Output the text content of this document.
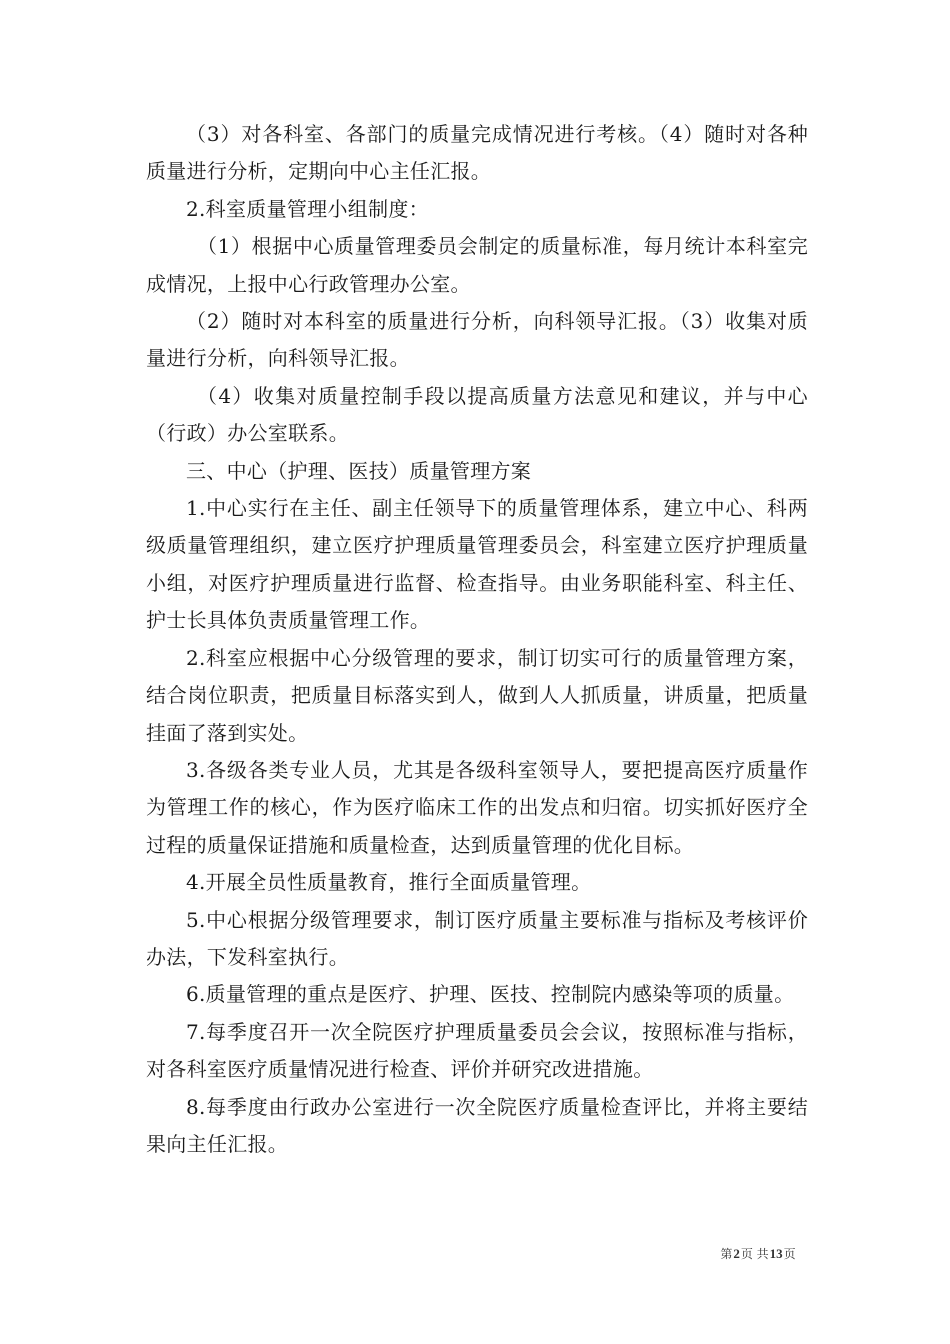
（3）对各科室、各部门的质量完成情况进行考核。（4）随时对各种质量进行分析，定期向中心主任汇报。

2.科室质量管理小组制度：

（1）根据中心质量管理委员会制定的质量标准，每月统计本科室完成情况，上报中心行政管理办公室。

（2）随时对本科室的质量进行分析，向科领导汇报。（3）收集对质量进行分析，向科领导汇报。

（4）收集对质量控制手段以提高质量方法意见和建议，并与中心（行政）办公室联系。

三、中心（护理、医技）质量管理方案

1.中心实行在主任、副主任领导下的质量管理体系，建立中心、科两级质量管理组织，建立医疗护理质量管理委员会，科室建立医疗护理质量小组，对医疗护理质量进行监督、检查指导。由业务职能科室、科主任、护士长具体负责质量管理工作。

2.科室应根据中心分级管理的要求，制订切实可行的质量管理方案，结合岗位职责，把质量目标落实到人，做到人人抓质量，讲质量，把质量挂面了落到实处。

3.各级各类专业人员，尤其是各级科室领导人，要把提高医疗质量作为管理工作的核心，作为医疗临床工作的出发点和归宿。切实抓好医疗全过程的质量保证措施和质量检查，达到质量管理的优化目标。

4.开展全员性质量教育，推行全面质量管理。

5.中心根据分级管理要求，制订医疗质量主要标准与指标及考核评价办法，下发科室执行。

6.质量管理的重点是医疗、护理、医技、控制院内感染等项的质量。

7.每季度召开一次全院医疗护理质量委员会会议，按照标准与指标，对各科室医疗质量情况进行检查、评价并研究改进措施。

8.每季度由行政办公室进行一次全院医疗质量检查评比，并将主要结果向主任汇报。

第2页 共13页
